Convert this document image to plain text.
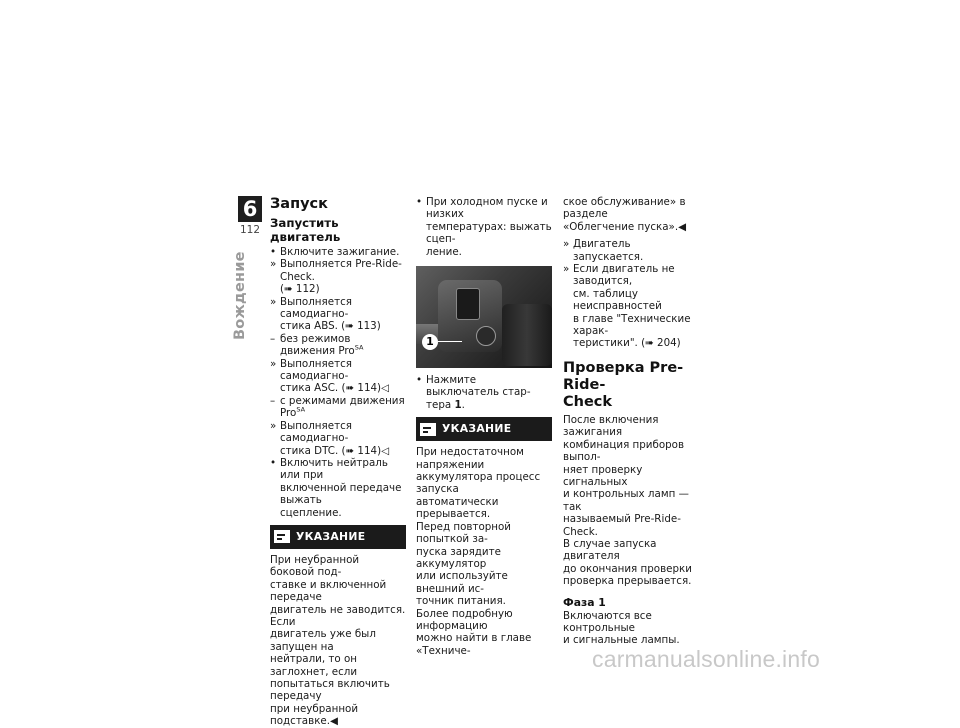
6
112
Вождение
Запуск
Запустить двигатель
• Включите зажигание.
» Выполняется Pre-Ride-Check.
(➠ 112)
» Выполняется самодиагно-
стика ABS. (➠ 113)
– без режимов движения Pro$^{SA}$
» Выполняется самодиагно-
стика ASC. (➠ 114)◁
– с режимами движения Pro$^{SA}$
» Выполняется самодиагно-
стика DTC. (➠ 114)◁
• Включить нейтраль или при
включенной передаче выжать
сцепление.
УКАЗАНИЕ
При неубранной боковой под-
ставке и включенной передаче
двигатель не заводится. Если
двигатель уже был запущен на
нейтрали, то он заглохнет, если
попытаться включить передачу
при неубранной подставке.◀
• При холодном пуске и низких
температурах: выжать сцеп-
ление.
1
• Нажмите выключатель стар-
тера 1.
УКАЗАНИЕ
При недостаточном напряжении
аккумулятора процесс запуска
автоматически прерывается.
Перед повторной попыткой за-
пуска зарядите аккумулятор
или используйте внешний ис-
точник питания.
Более подробную информацию
можно найти в главе «Техниче-
ское обслуживание» в разделе
«Облегчение пуска».◀
» Двигатель запускается.
» Если двигатель не заводится,
см. таблицу неисправностей
в главе "Технические харак-
теристики". (➠ 204)
Проверка Pre-Ride-
Check
После включения зажигания
комбинация приборов выпол-
няет проверку сигнальных
и контрольных ламп — так
называемый Pre-Ride-Check.
В случае запуска двигателя
до окончания проверки
проверка прерывается.
Фаза 1
Включаются все контрольные
и сигнальные лампы.
carmanualsonline.info
